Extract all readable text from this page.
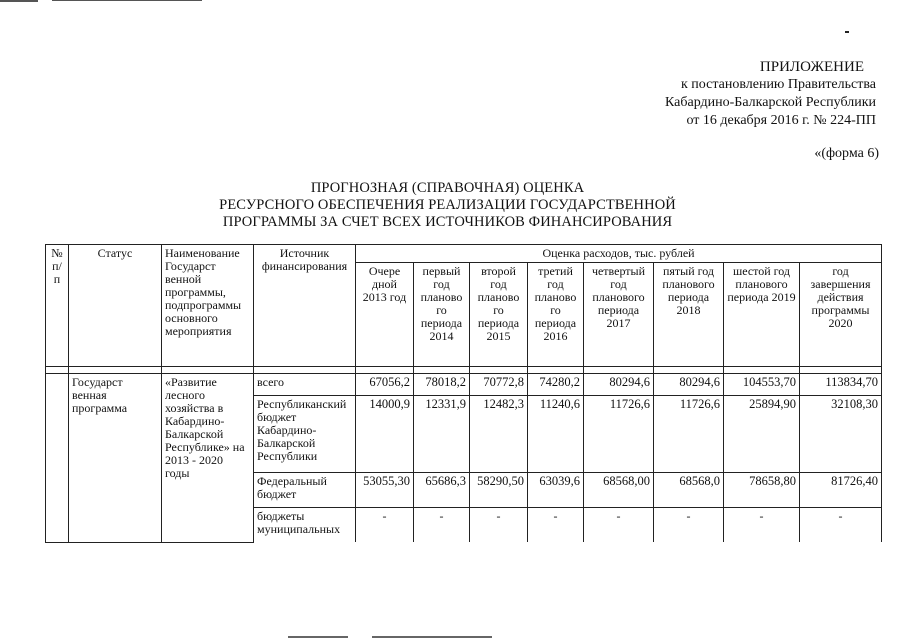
ПРИЛОЖЕНИЕ
к постановлению Правительства
Кабардино-Балкарской Республики
от 16 декабря 2016 г. № 224-ПП
«(форма 6)
ПРОГНОЗНАЯ (СПРАВОЧНАЯ) ОЦЕНКА
РЕСУРСНОГО ОБЕСПЕЧЕНИЯ РЕАЛИЗАЦИИ ГОСУДАРСТВЕННОЙ
ПРОГРАММЫ ЗА СЧЕТ ВСЕХ ИСТОЧНИКОВ ФИНАНСИРОВАНИЯ
№ п/п	Статус	Наименование Государст венной программы, подпрограммы основного мероприятия	Источник финансирования	Оценка расходов, тыс. рублей							
				Очере дной 2013 год	первый год планово го периода 2014	второй год планово го периода 2015	третий год планово го периода 2016	четвертый год планового периода 2017	пятый год планового периода 2018	шестой год планового периода 2019	год завершения действия программы 2020

	Государст венная программа	«Развитие лесного хозяйства в Кабардино-Балкарской Республике» на 2013 - 2020 годы	всего	67056,2	78018,2	70772,8	74280,2	80294,6	80294,6	104553,70	113834,70
			Республиканский бюджет Кабардино-Балкарской Республики	14000,9	12331,9	12482,3	11240,6	11726,6	11726,6	25894,90	32108,30
			Федеральный бюджет	53055,30	65686,3	58290,50	63039,6	68568,00	68568,0	78658,80	81726,40
			бюджеты муниципальных	-	-	-	-	-	-	-	-
